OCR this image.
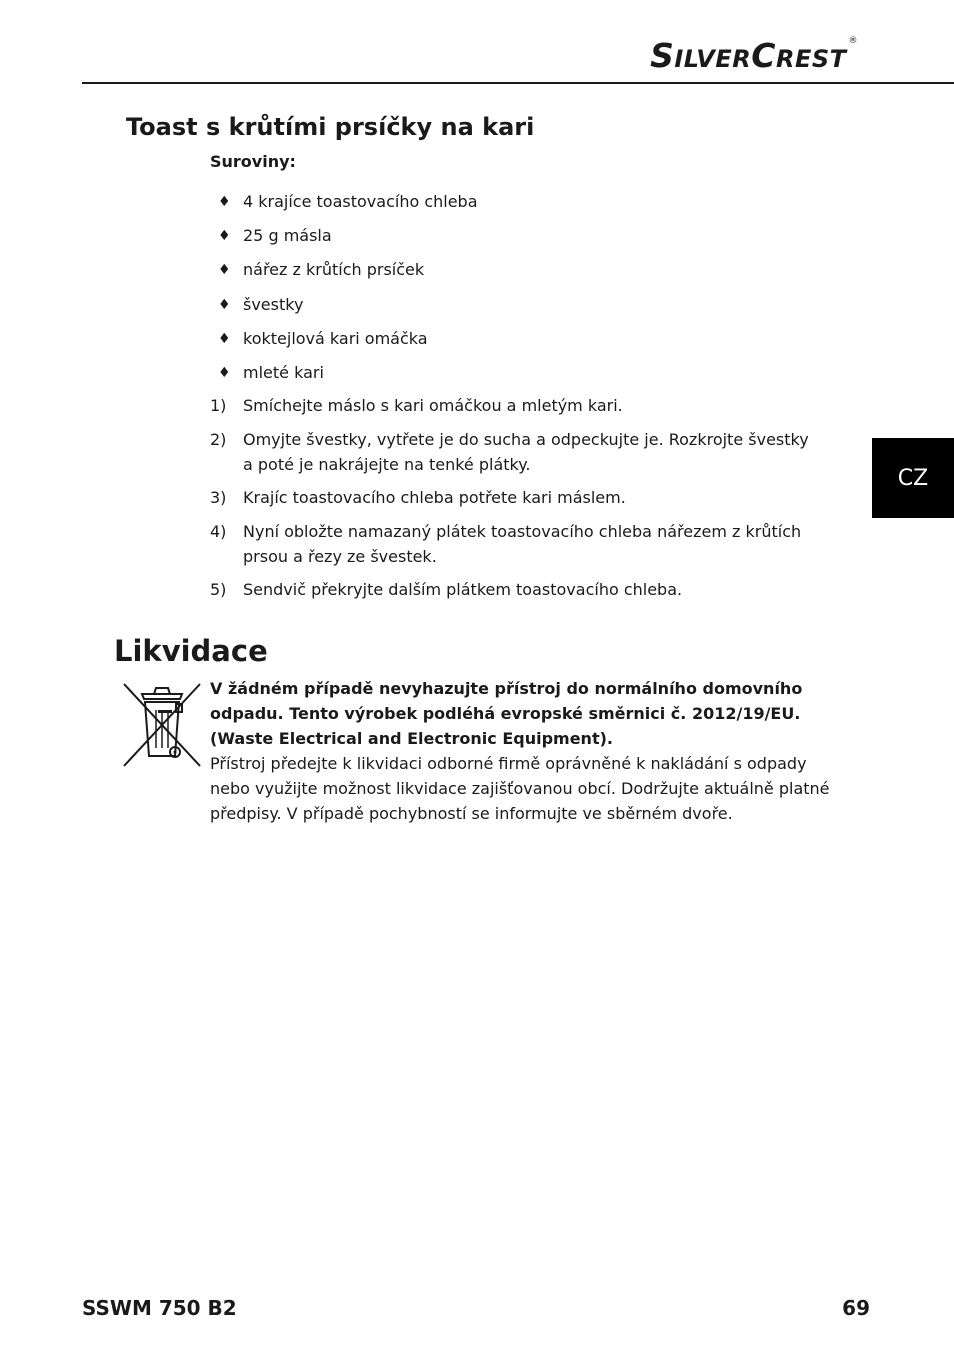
SILVERCREST®
CZ
Toast s krůtími prsíčky na kari
Suroviny:
♦ 4 krajíce toastovacího chleba
♦ 25 g másla
♦ nářez z krůtích prsíček
♦ švestky
♦ koktejlová kari omáčka
♦ mleté kari
1) Smíchejte máslo s kari omáčkou a mletým kari.
2) Omyjte švestky, vytřete je do sucha a odpeckujte je. Rozkrojte švestky a poté je nakrájejte na tenké plátky.
3) Krajíc toastovacího chleba potřete kari máslem.
4) Nyní obložte namazaný plátek toastovacího chleba nářezem z krůtích prsou a řezy ze švestek.
5) Sendvič překryjte dalším plátkem toastovacího chleba.
Likvidace

V žádném případě nevyhazujte přístroj do normálního domovního odpadu. Tento výrobek podléhá evropské směrnici č. 2012/19/EU. (Waste Electrical and Electronic Equipment).

Přístroj předejte k likvidaci odborné firmě oprávněné k nakládání s odpady nebo využijte možnost likvidace zajišťovanou obcí. Dodržujte aktuálně platné předpisy. V případě pochybností se informujte ve sběrném dvoře.

SSWM 750 B2	69
